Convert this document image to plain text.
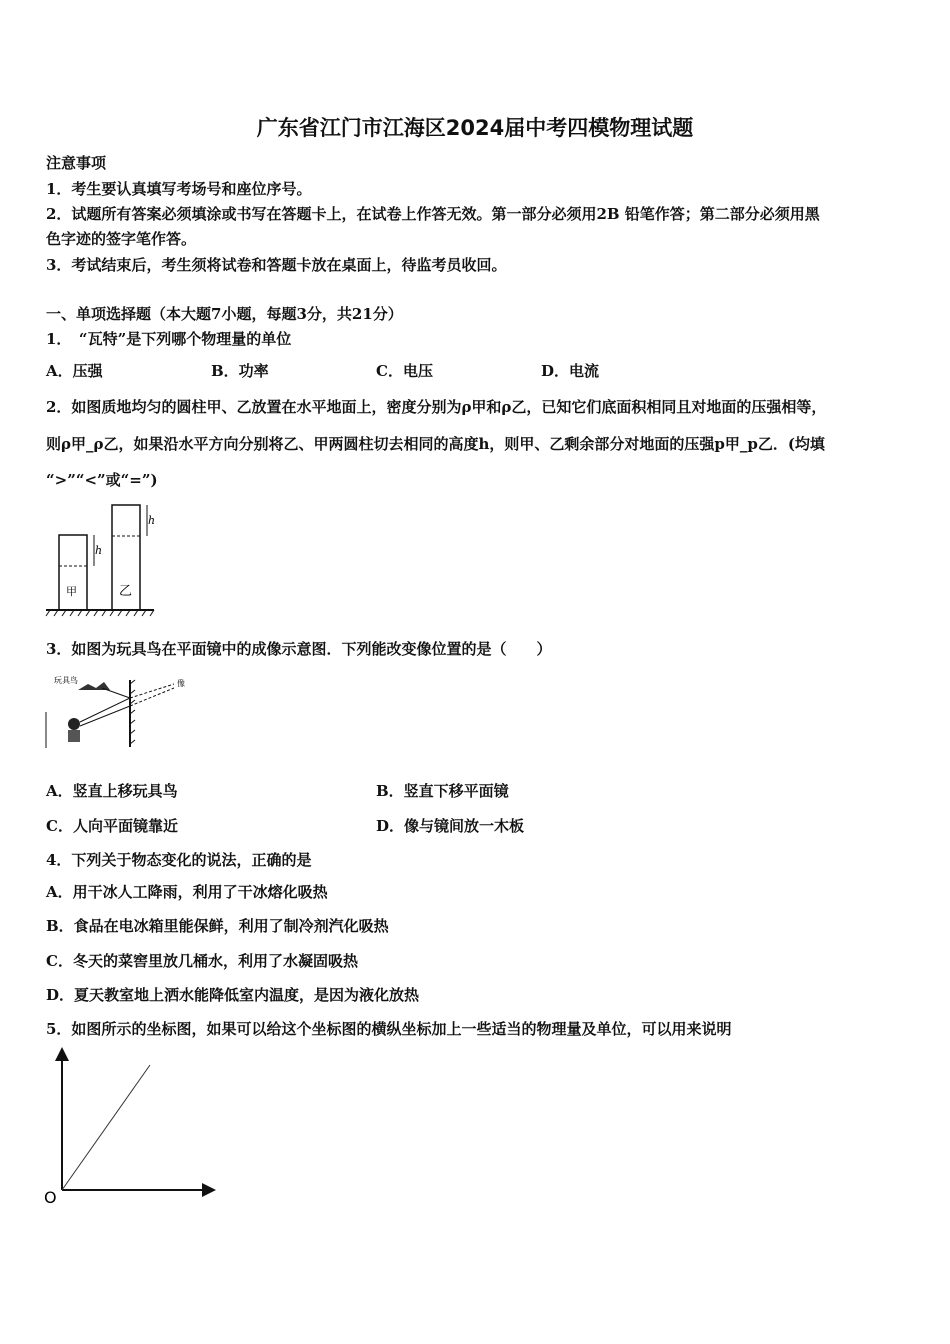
广东省江门市江海区2024届中考四模物理试题
注意事项
1．考生要认真填写考场号和座位序号。
2．试题所有答案必须填涂或书写在答题卡上，在试卷上作答无效。第一部分必须用2B 铅笔作答；第二部分必须用黑
色字迹的签字笔作答。
3．考试结束后，考生须将试卷和答题卡放在桌面上，待监考员收回。
一、单项选择题（本大题7小题，每题3分，共21分）
1．　“瓦特”是下列哪个物理量的单位
A．压强	B．功率	C．电压	D．电流
2．如图质地均匀的圆柱甲、乙放置在水平地面上，密度分别为ρ甲和ρ乙，已知它们底面积相同且对地面的压强相等，
则ρ甲_ρ乙，如果沿水平方向分别将乙、甲两圆柱切去相同的高度h，则甲、乙剩余部分对地面的压强p甲_p乙．(均填
“>”“<”或“=”)
h
h
甲	乙
3．如图为玩具鸟在平面镜中的成像示意图．下列能改变像位置的是（　　）
玩具鸟	像
A．竖直上移玩具鸟	B．竖直下移平面镜
C．人向平面镜靠近	D．像与镜间放一木板
4．下列关于物态变化的说法，正确的是
A．用干冰人工降雨，利用了干冰熔化吸热
B．食品在电冰箱里能保鲜，利用了制冷剂汽化吸热
C．冬天的菜窖里放几桶水，利用了水凝固吸热
D．夏天教室地上洒水能降低室内温度，是因为液化放热
5．如图所示的坐标图，如果可以给这个坐标图的横纵坐标加上一些适当的物理量及单位，可以用来说明
O
